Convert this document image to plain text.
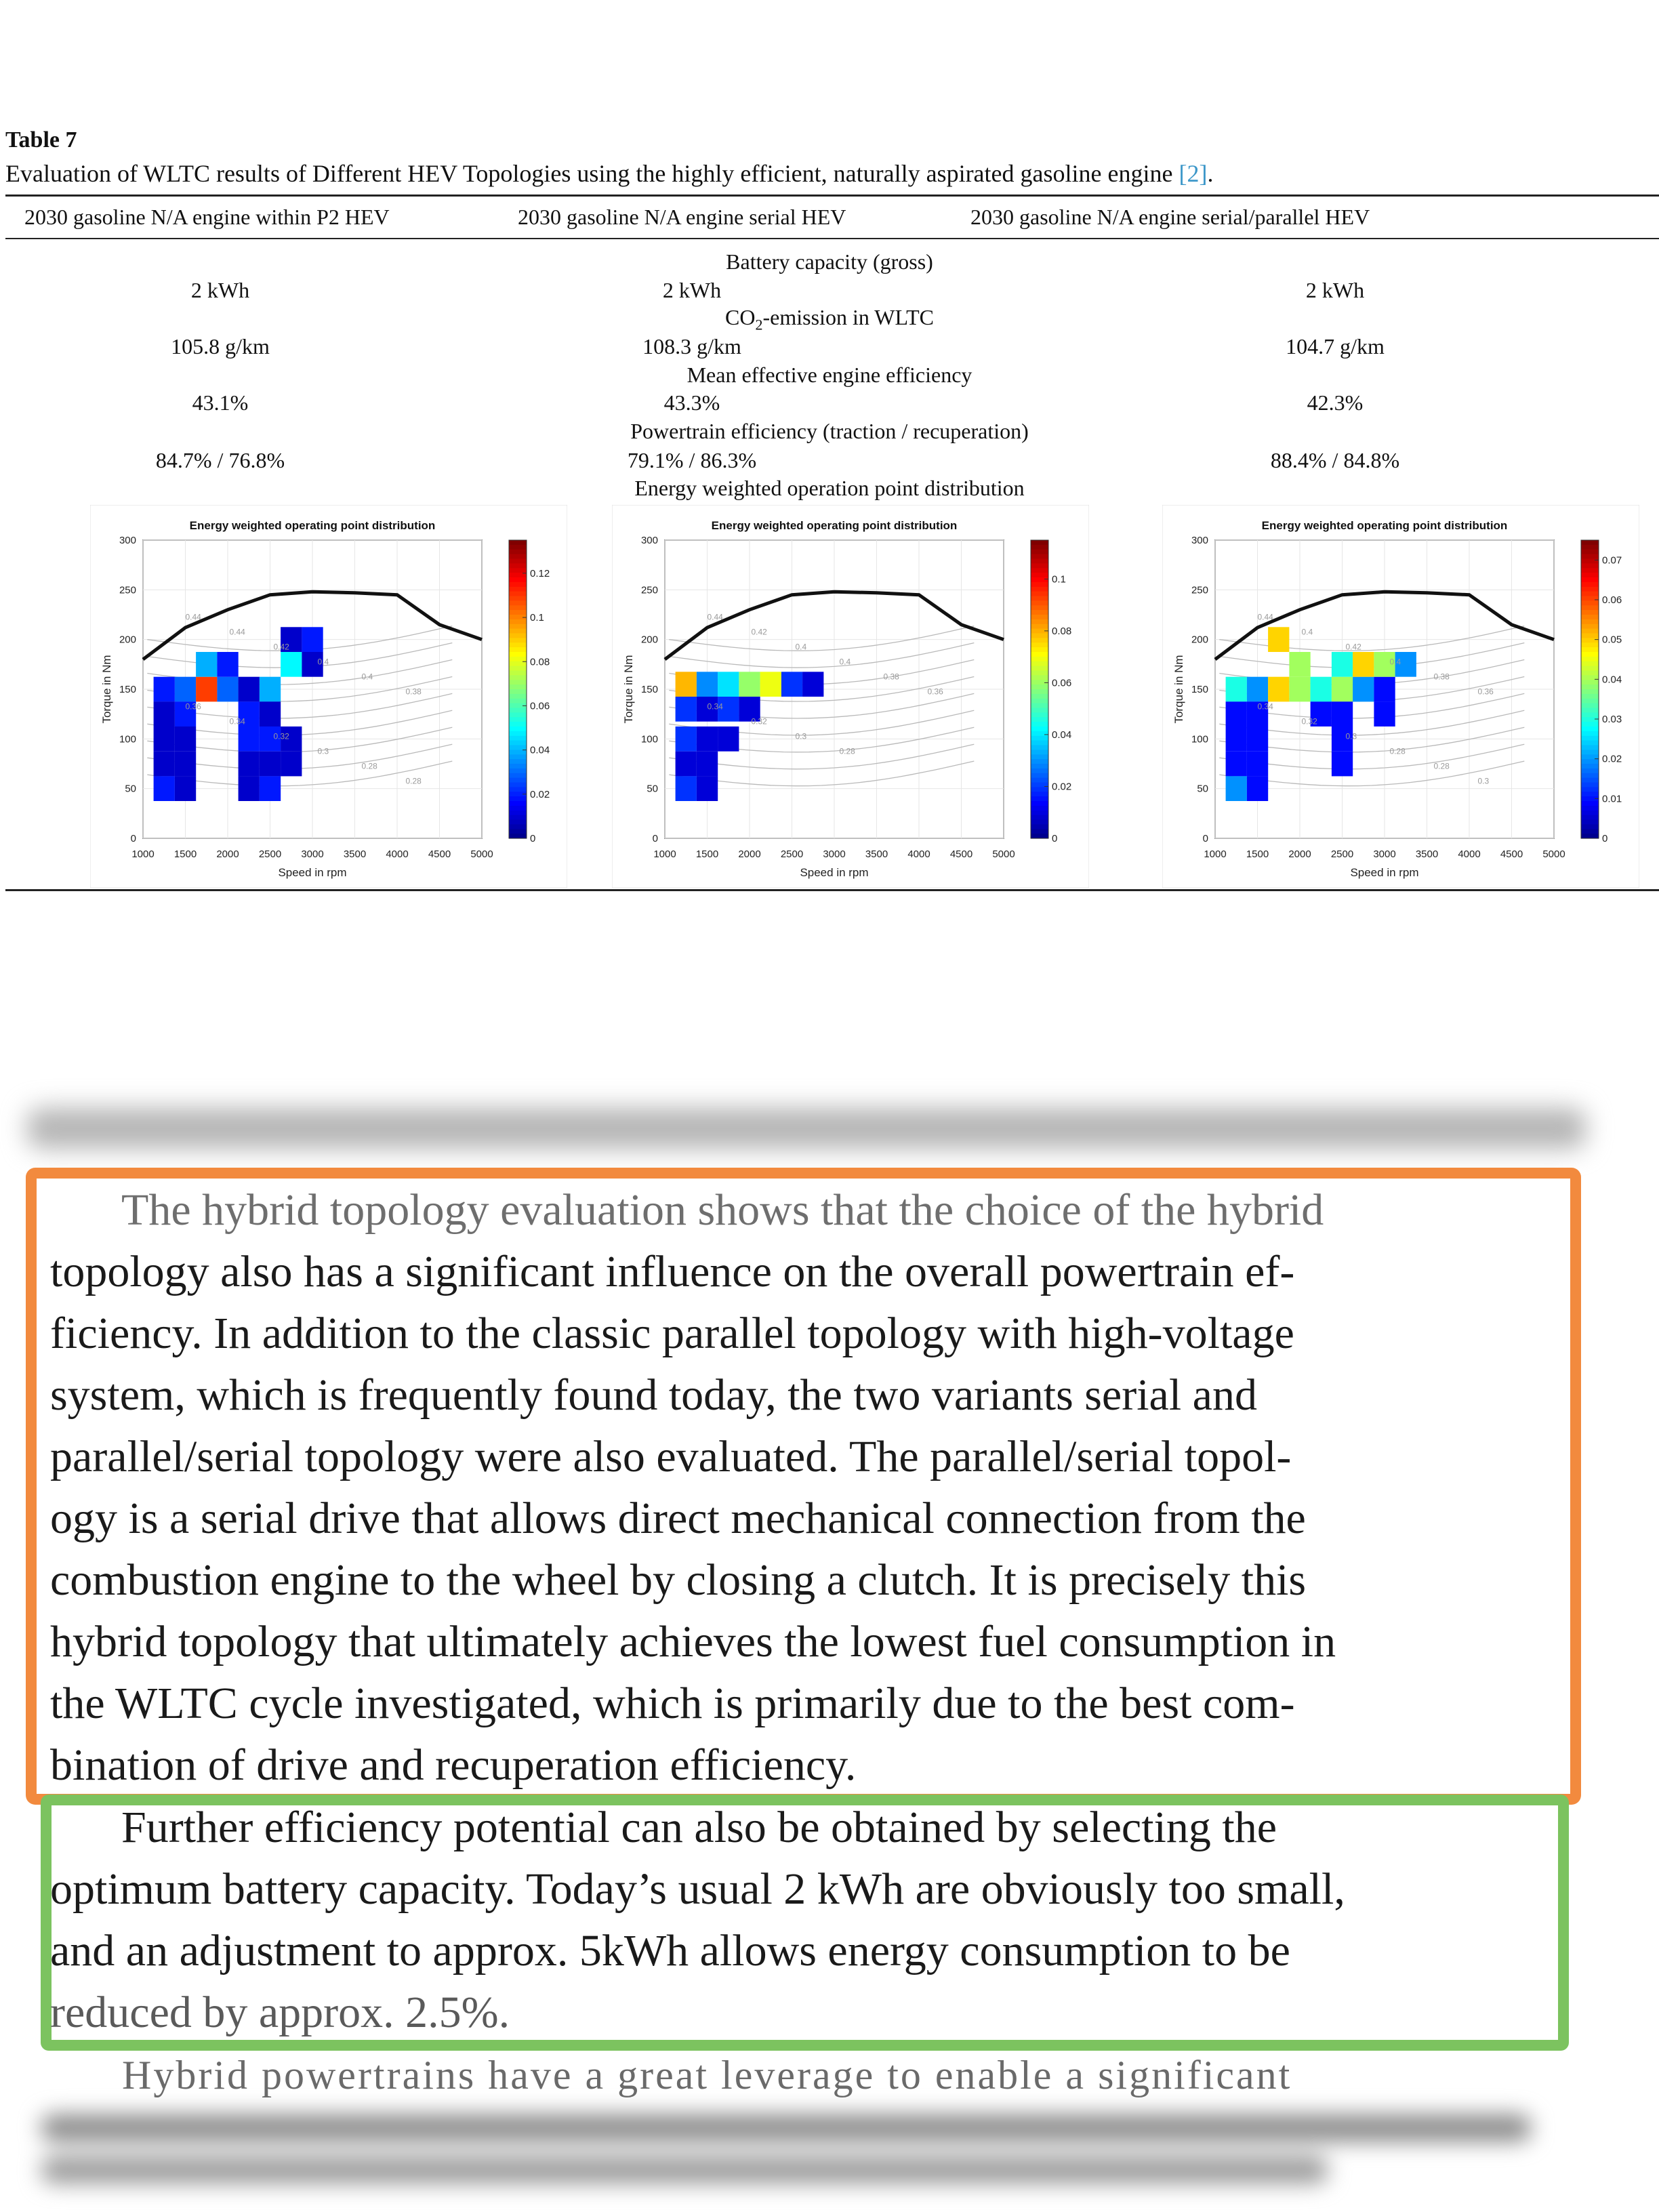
Table 7
Evaluation of WLTC results of Different HEV Topologies using the highly efficient, naturally aspirated gasoline engine [2].
2030 gasoline N/A engine within P2 HEV	2030 gasoline N/A engine serial HEV	2030 gasoline N/A engine serial/parallel HEV
Battery capacity (gross)
2 kWh	2 kWh	2 kWh
$CO_2$-emission in WLTC
105.8 g/km	108.3 g/km	104.7 g/km
Mean effective engine efficiency
43.1%	43.3%	42.3%
Powertrain efficiency (traction / recuperation)
84.7% / 76.8%	79.1% / 86.3%	88.4% / 84.8%
Energy weighted operation point distribution
0.44
0.44
0.42
0.4
0.4
0.38
0.36
0.34
0.32
0.3
0.28
0.28
Energy weighted operating point distribution
Speed in rpm
Torque in Nm
1000 1500 2000 2500 3000 3500 4000 4500 5000
0
50
100
150
200
250
300
0
0.02
0.04
0.06
0.08
0.1
0.12
0.44
0.42
0.4
0.4
0.38
0.36
0.34
0.32
0.3
0.28
Energy weighted operating point distribution
Speed in rpm
Torque in Nm
1000 1500 2000 2500 3000 3500 4000 4500 5000
0
50
100
150
200
250
300
0
0.02
0.04
0.06
0.08
0.1
0.44
0.4
0.42
0.4
0.38
0.36
0.34
0.32
0.3
0.28
0.28
0.3
Energy weighted operating point distribution
Speed in rpm
Torque in Nm
1000 1500 2000 2500 3000 3500 4000 4500 5000
0
50
100
150
200
250
300
0
0.01
0.02
0.03
0.04
0.05
0.06
0.07
The hybrid topology evaluation shows that the choice of the hybrid
topology also has a significant influence on the overall powertrain ef-
ficiency. In addition to the classic parallel topology with high-voltage
system, which is frequently found today, the two variants serial and
parallel/serial topology were also evaluated. The parallel/serial topol-
ogy is a serial drive that allows direct mechanical connection from the
combustion engine to the wheel by closing a clutch. It is precisely this
hybrid topology that ultimately achieves the lowest fuel consumption in
the WLTC cycle investigated, which is primarily due to the best com-
bination of drive and recuperation efficiency.
Further efficiency potential can also be obtained by selecting the
optimum battery capacity. Today’s usual 2 kWh are obviously too small,
and an adjustment to approx. 5kWh allows energy consumption to be
reduced by approx. 2.5%.
Hybrid powertrains have a great leverage to enable a significant
